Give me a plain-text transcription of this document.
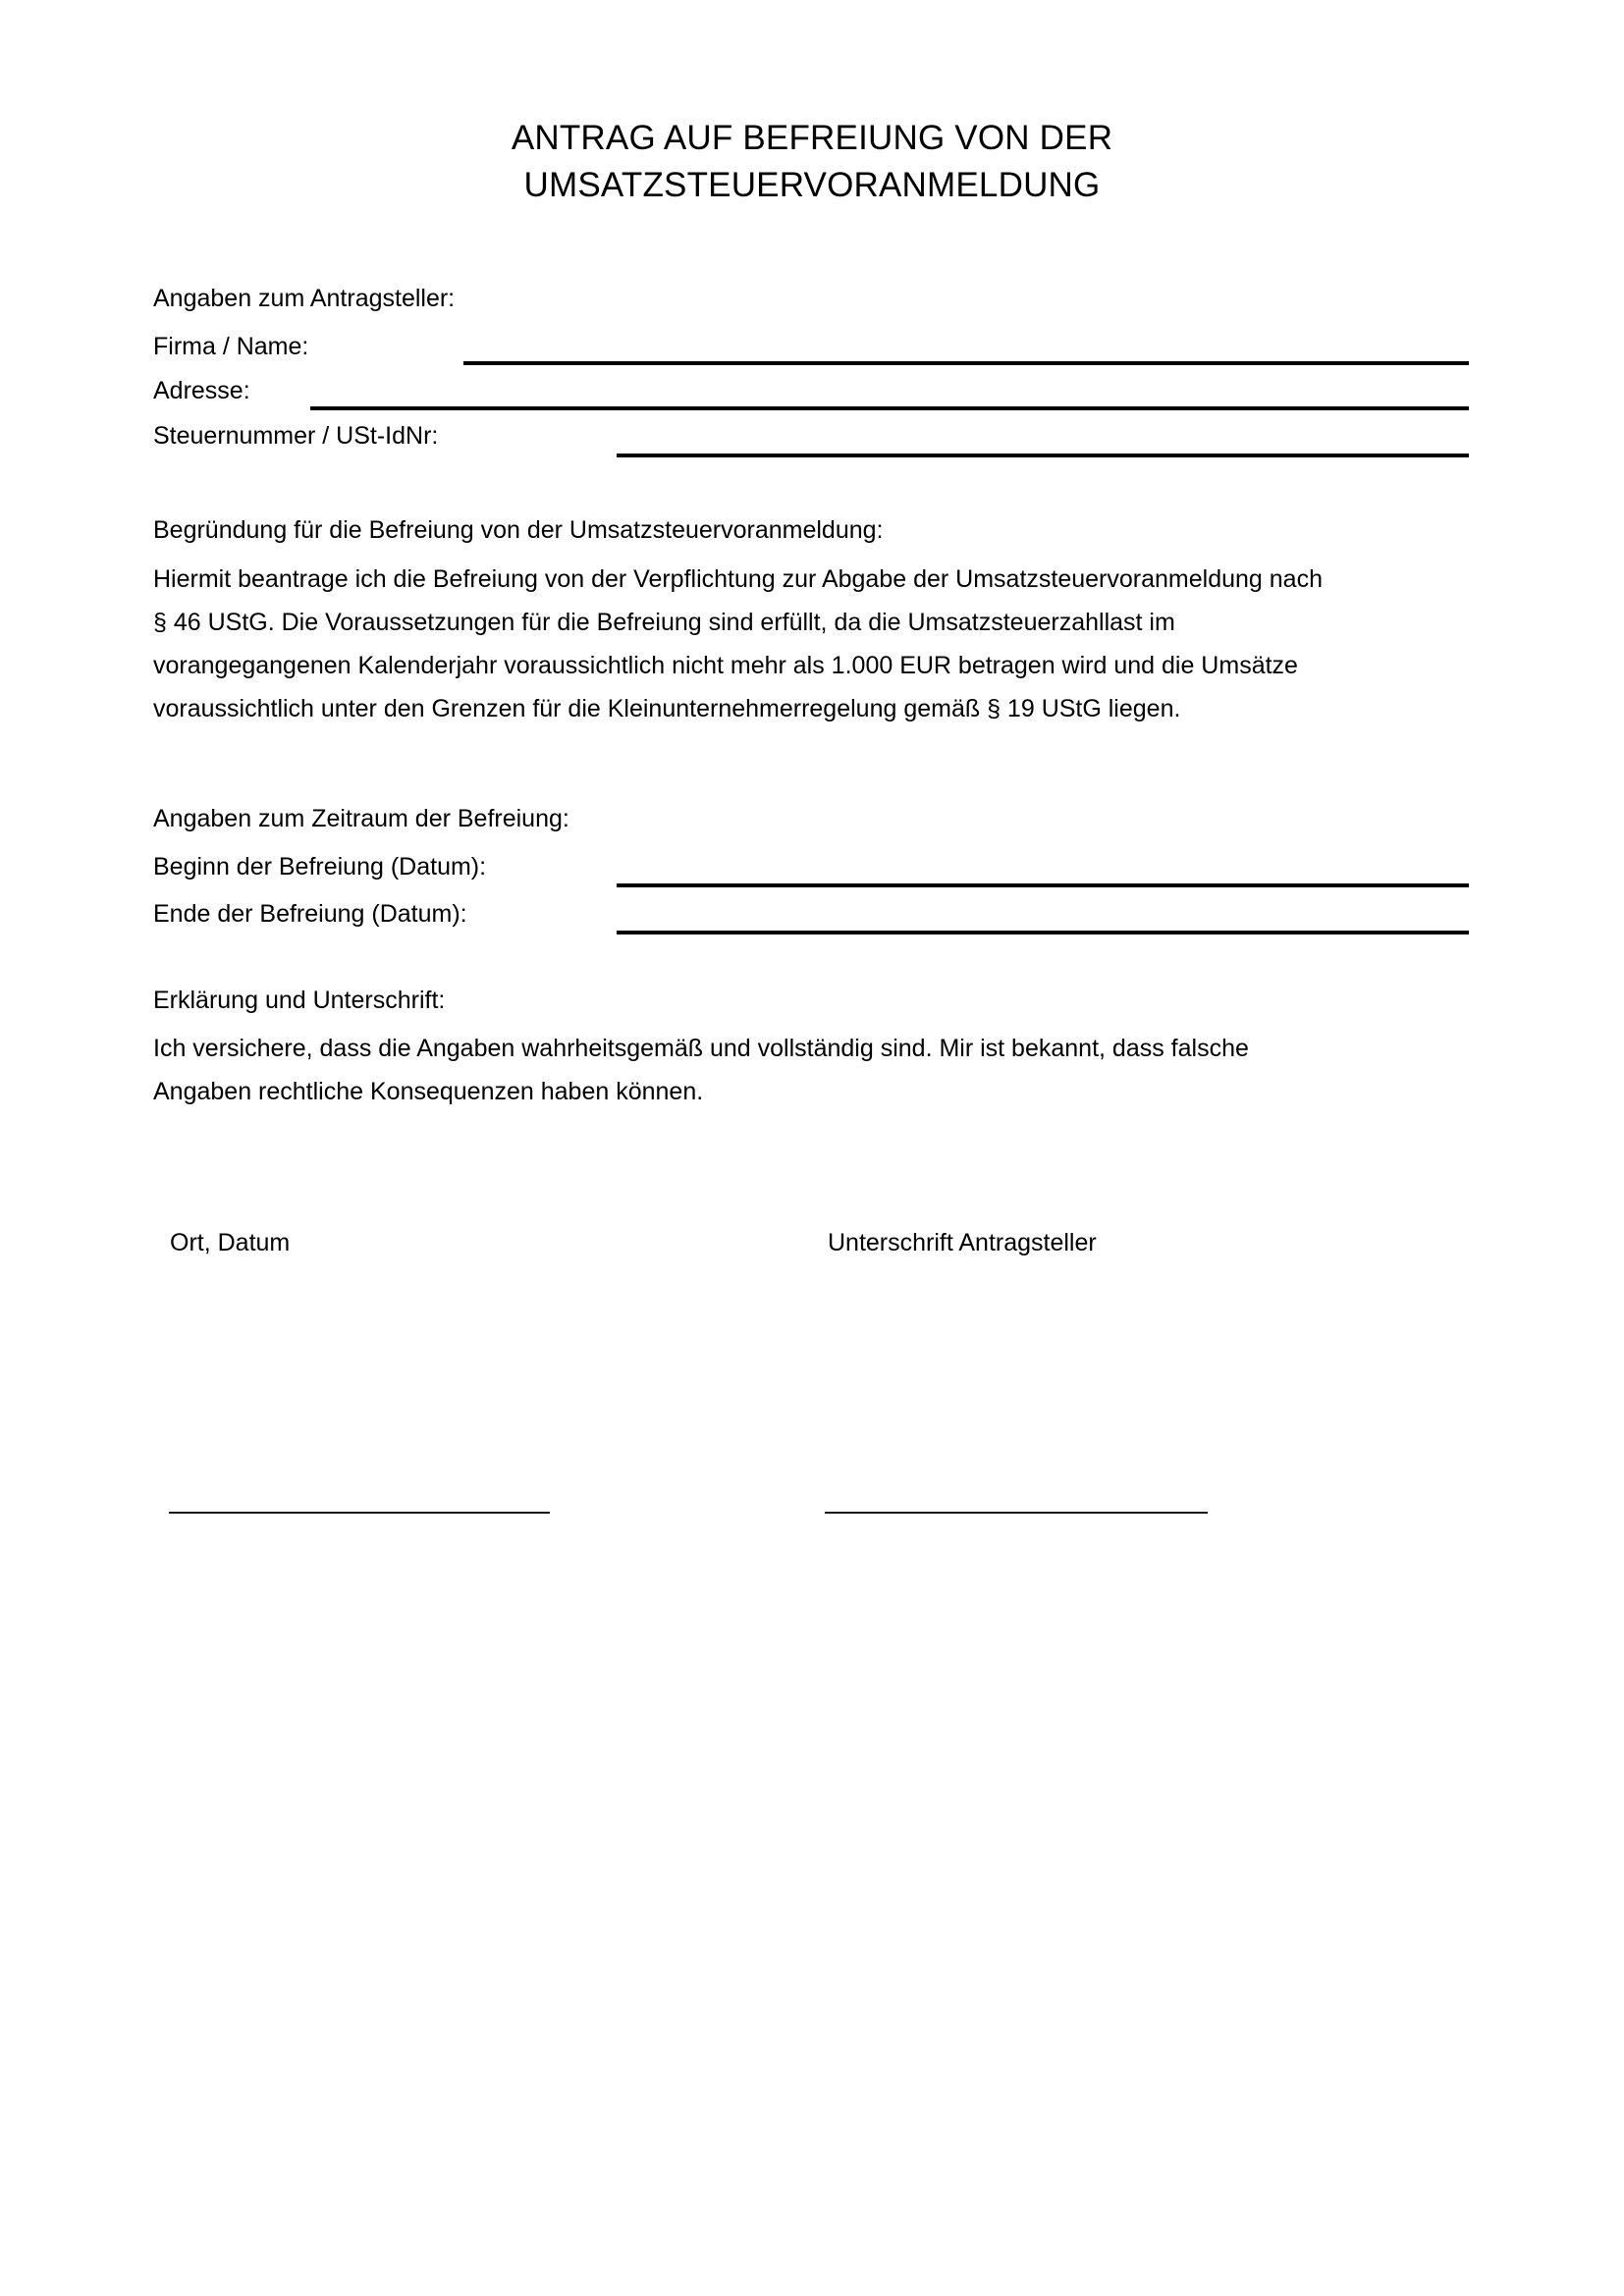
ANTRAG AUF BEFREIUNG VON DER
UMSATZSTEUERVORANMELDUNG
Angaben zum Antragsteller:
Firma / Name:
Adresse:
Steuernummer / USt-IdNr:
Begründung für die Befreiung von der Umsatzsteuervoranmeldung:
Hiermit beantrage ich die Befreiung von der Verpflichtung zur Abgabe der Umsatzsteuervoranmeldung nach
§ 46 UStG. Die Voraussetzungen für die Befreiung sind erfüllt, da die Umsatzsteuerzahllast im
vorangegangenen Kalenderjahr voraussichtlich nicht mehr als 1.000 EUR betragen wird und die Umsätze
voraussichtlich unter den Grenzen für die Kleinunternehmerregelung gemäß § 19 UStG liegen.
Angaben zum Zeitraum der Befreiung:
Beginn der Befreiung (Datum):
Ende der Befreiung (Datum):
Erklärung und Unterschrift:
Ich versichere, dass die Angaben wahrheitsgemäß und vollständig sind. Mir ist bekannt, dass falsche
Angaben rechtliche Konsequenzen haben können.
Ort, Datum	Unterschrift Antragsteller
